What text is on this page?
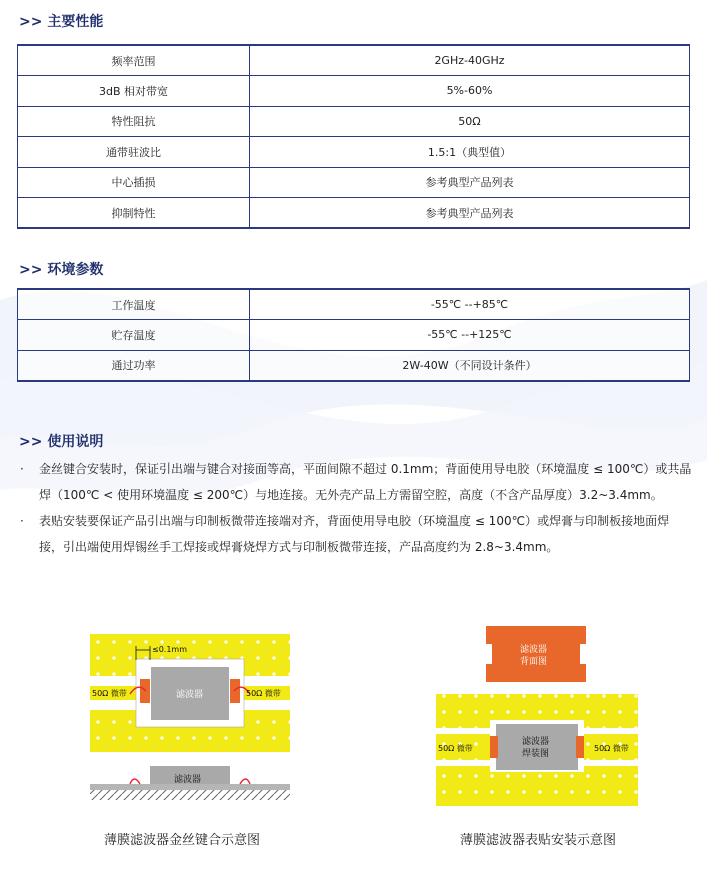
>> 主要性能
频率范围	2GHz-40GHz
3dB 相对带宽	5%-60%
特性阻抗	50Ω
通带驻波比	1.5:1（典型值）
中心插损	参考典型产品列表
抑制特性	参考典型产品列表
>> 环境参数
工作温度	-55℃ --+85℃
贮存温度	-55℃ --+125℃
通过功率	2W-40W（不同设计条件）
>> 使用说明
· 金丝键合安装时，保证引出端与键合对接面等高，平面间隙不超过 0.1mm；背面使用导电胶（环境温度 ≤ 100℃）或共晶焊（100℃ < 使用环境温度 ≤ 200℃）与地连接。无外壳产品上方需留空腔，高度（不含产品厚度）3.2~3.4mm。
· 表贴安装要保证产品引出端与印制板微带连接端对齐，背面使用导电胶（环境温度 ≤ 100℃）或焊膏与印制板接地面焊接，引出端使用焊锡丝手工焊接或焊膏烧焊方式与印制板微带连接，产品高度约为 2.8~3.4mm。
≤0.1mm
50Ω 微带	50Ω 微带
滤波器
滤波器
薄膜滤波器金丝键合示意图
滤波器
背面图
50Ω 微带	50Ω 微带
滤波器
焊装图
薄膜滤波器表贴安装示意图
